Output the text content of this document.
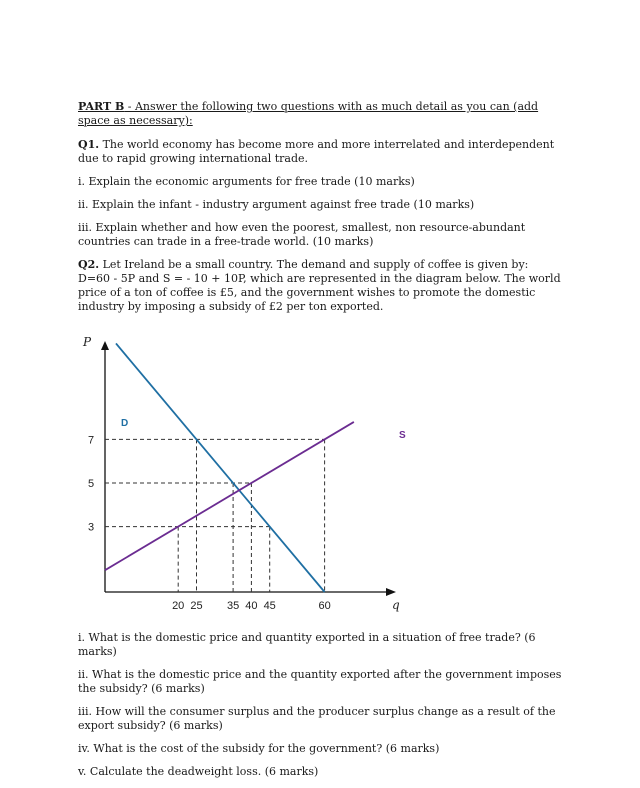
PART B - Answer the following two questions with as much detail as you can (add space as necessary):

Q1. The world economy has become more and more interrelated and interdependent due to rapid growing international trade.

i. Explain the economic arguments for free trade (10 marks)

ii. Explain the infant - industry argument against free trade (10 marks)

iii. Explain whether and how even the poorest, smallest, non resource-abundant countries can trade in a free-trade world. (10 marks)

Q2. Let Ireland be a small country. The demand and supply of coffee is given by: D=60 - 5P and S = - 10 + 10P, which are represented in the diagram below. The world price of a ton of coffee is £5, and the government wishes to promote the domestic industry by imposing a subsidy of £2 per ton exported.

P
q
3
5
7
20 25 35 40 45	60
D
S

i. What is the domestic price and quantity exported in a situation of free trade? (6 marks)

ii. What is the domestic price and the quantity exported after the government imposes the subsidy? (6 marks)

iii. How will the consumer surplus and the producer surplus change as a result of the export subsidy? (6 marks)

iv. What is the cost of the subsidy for the government? (6 marks)

v. Calculate the deadweight loss. (6 marks)
